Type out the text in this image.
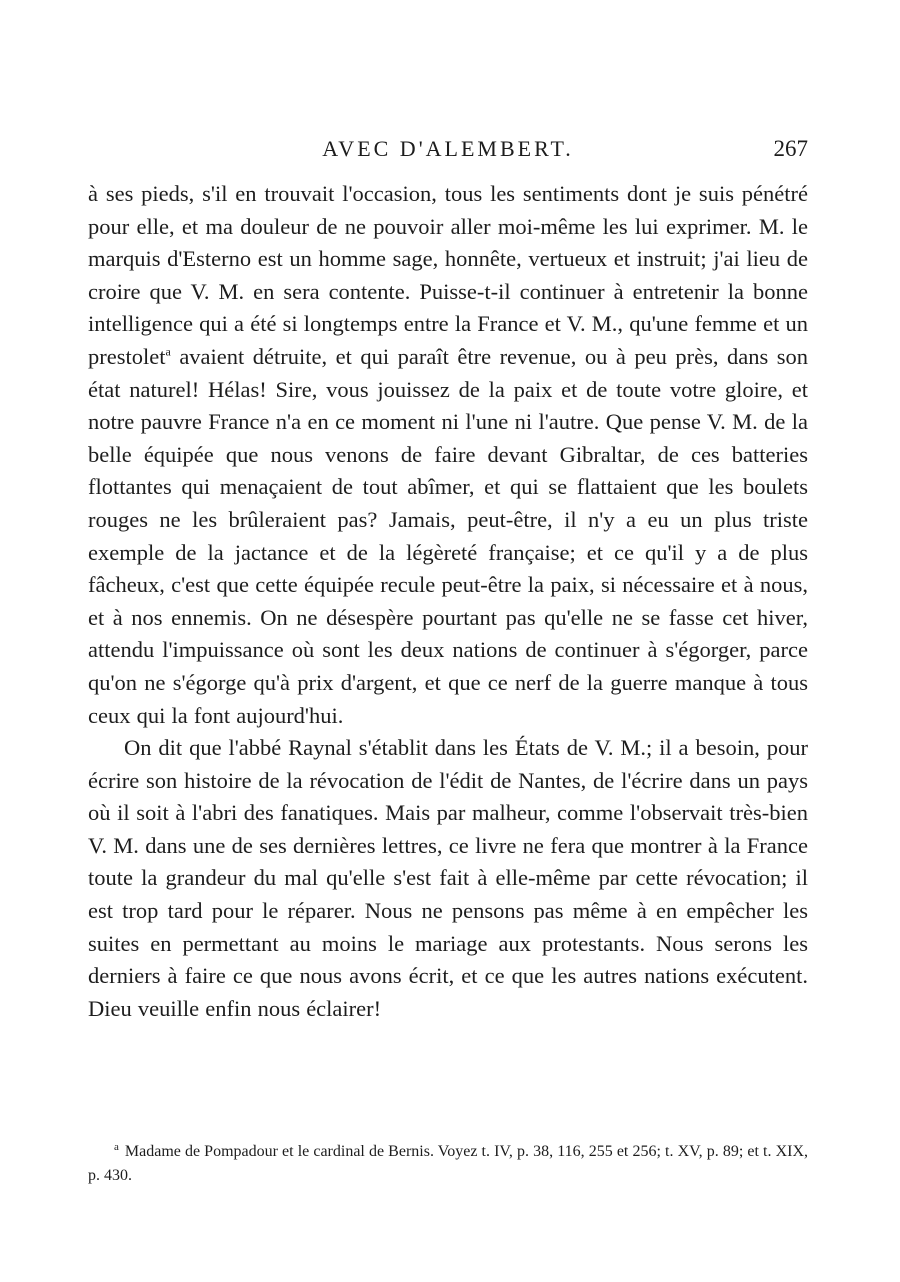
AVEC D'ALEMBERT.	267

à ses pieds, s'il en trouvait l'occasion, tous les sentiments dont je suis pénétré pour elle, et ma douleur de ne pouvoir aller moi-même les lui exprimer. M. le marquis d'Esterno est un homme sage, honnête, vertueux et instruit; j'ai lieu de croire que V. M. en sera contente. Puisse-t-il continuer à entretenir la bonne intelligence qui a été si longtemps entre la France et V. M., qu'une femme et un prestolet$^a$ avaient détruite, et qui paraît être revenue, ou à peu près, dans son état naturel! Hélas! Sire, vous jouissez de la paix et de toute votre gloire, et notre pauvre France n'a en ce moment ni l'une ni l'autre. Que pense V. M. de la belle équipée que nous venons de faire devant Gibraltar, de ces batteries flottantes qui menaçaient de tout abîmer, et qui se flattaient que les boulets rouges ne les brûleraient pas? Jamais, peut-être, il n'y a eu un plus triste exemple de la jactance et de la légèreté française; et ce qu'il y a de plus fâcheux, c'est que cette équipée recule peut-être la paix, si nécessaire et à nous, et à nos ennemis. On ne désespère pourtant pas qu'elle ne se fasse cet hiver, attendu l'impuissance où sont les deux nations de continuer à s'égorger, parce qu'on ne s'égorge qu'à prix d'argent, et que ce nerf de la guerre manque à tous ceux qui la font aujourd'hui.

On dit que l'abbé Raynal s'établit dans les États de V. M.; il a besoin, pour écrire son histoire de la révocation de l'édit de Nantes, de l'écrire dans un pays où il soit à l'abri des fanatiques. Mais par malheur, comme l'observait très-bien V. M. dans une de ses dernières lettres, ce livre ne fera que montrer à la France toute la grandeur du mal qu'elle s'est fait à elle-même par cette révocation; il est trop tard pour le réparer. Nous ne pensons pas même à en empêcher les suites en permettant au moins le mariage aux protestants. Nous serons les derniers à faire ce que nous avons écrit, et ce que les autres nations exécutent. Dieu veuille enfin nous éclairer!

$^a$ Madame de Pompadour et le cardinal de Bernis. Voyez t. IV, p. 38, 116, 255 et 256; t. XV, p. 89; et t. XIX, p. 430.
